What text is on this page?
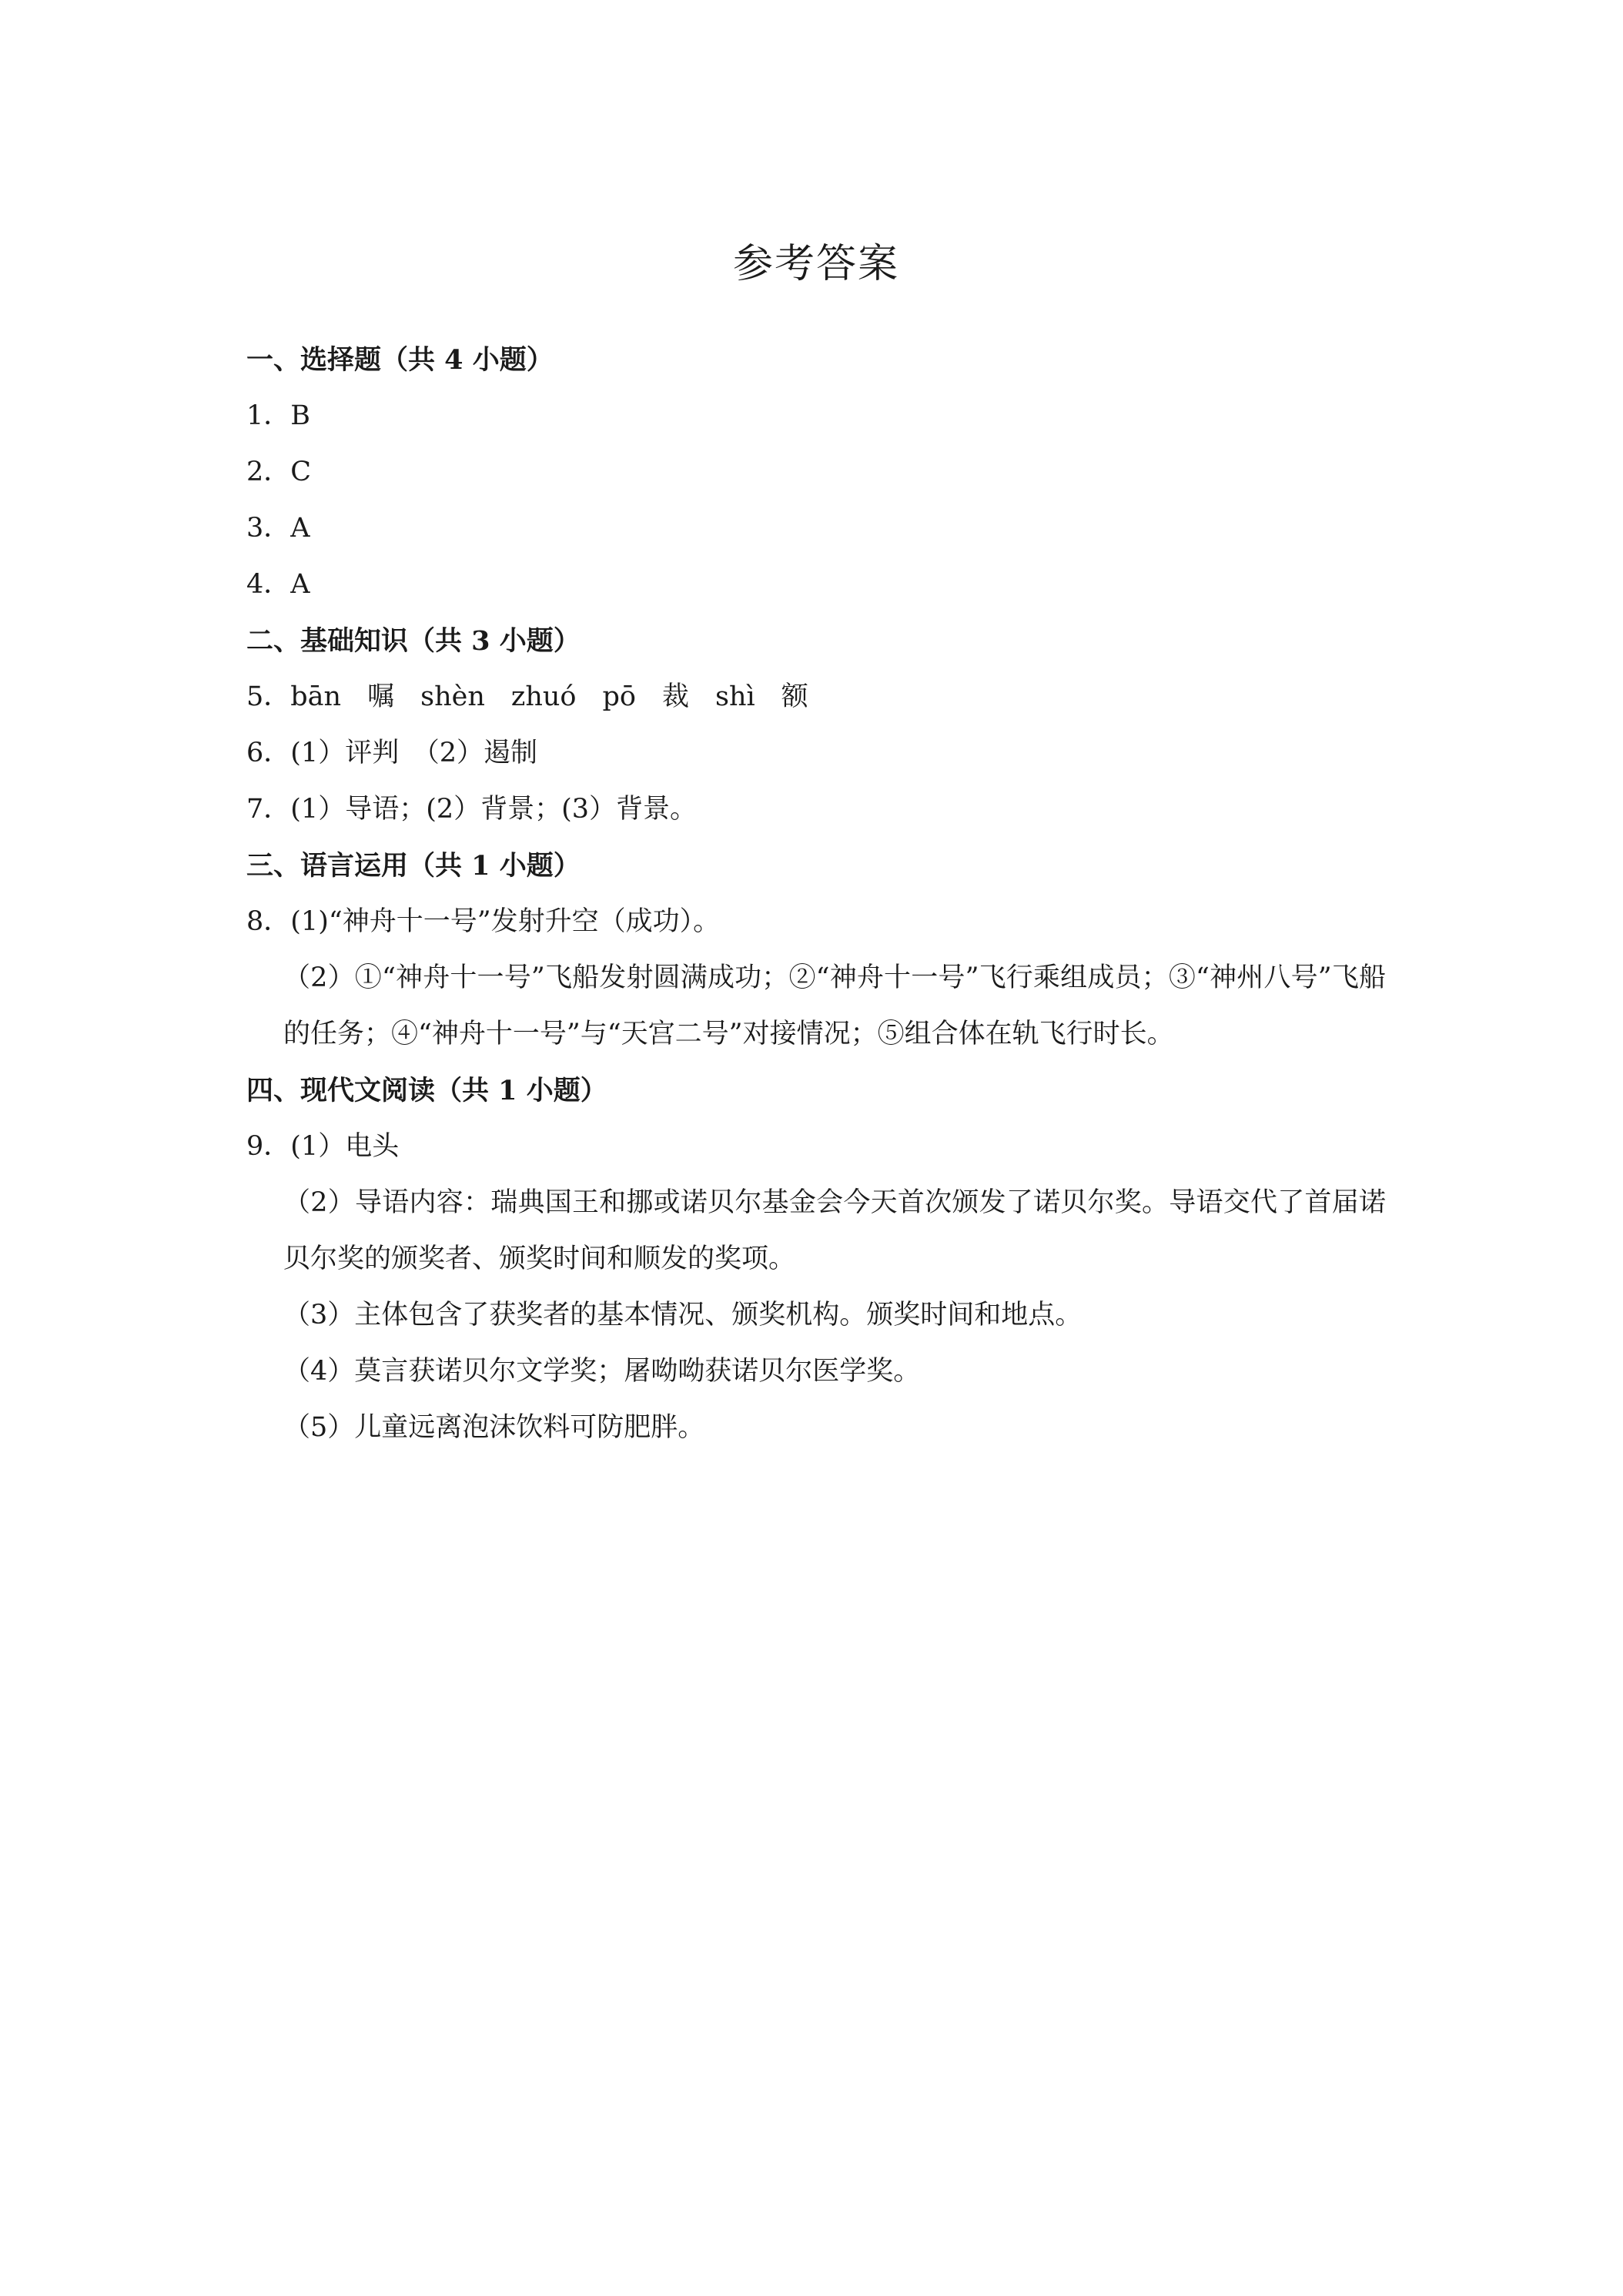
参考答案
一、选择题（共 4 小题）
1．B
2．C
3．A
4．A
二、基础知识（共 3 小题）
5．bān 嘱 shèn zhuó pō 裁 shì 额
6．(1）评判　（2）遏制
7．(1）导语；(2）背景；(3）背景。
三、语言运用（共 1 小题）
8．(1)“神舟十一号”发射升空（成功）。
（2）①“神舟十一号”飞船发射圆满成功；②“神舟十一号”飞行乘组成员；③“神州八号”飞船的任务；④“神舟十一号”与“天宫二号”对接情况；⑤组合体在轨飞行时长。
四、现代文阅读（共 1 小题）
9．(1）电头
（2）导语内容：瑞典国王和挪或诺贝尔基金会今天首次颁发了诺贝尔奖。导语交代了首届诺贝尔奖的颁奖者、颁奖时间和顺发的奖项。
（3）主体包含了获奖者的基本情况、颁奖机构。颁奖时间和地点。
（4）莫言获诺贝尔文学奖；屠呦呦获诺贝尔医学奖。
（5）儿童远离泡沫饮料可防肥胖。
